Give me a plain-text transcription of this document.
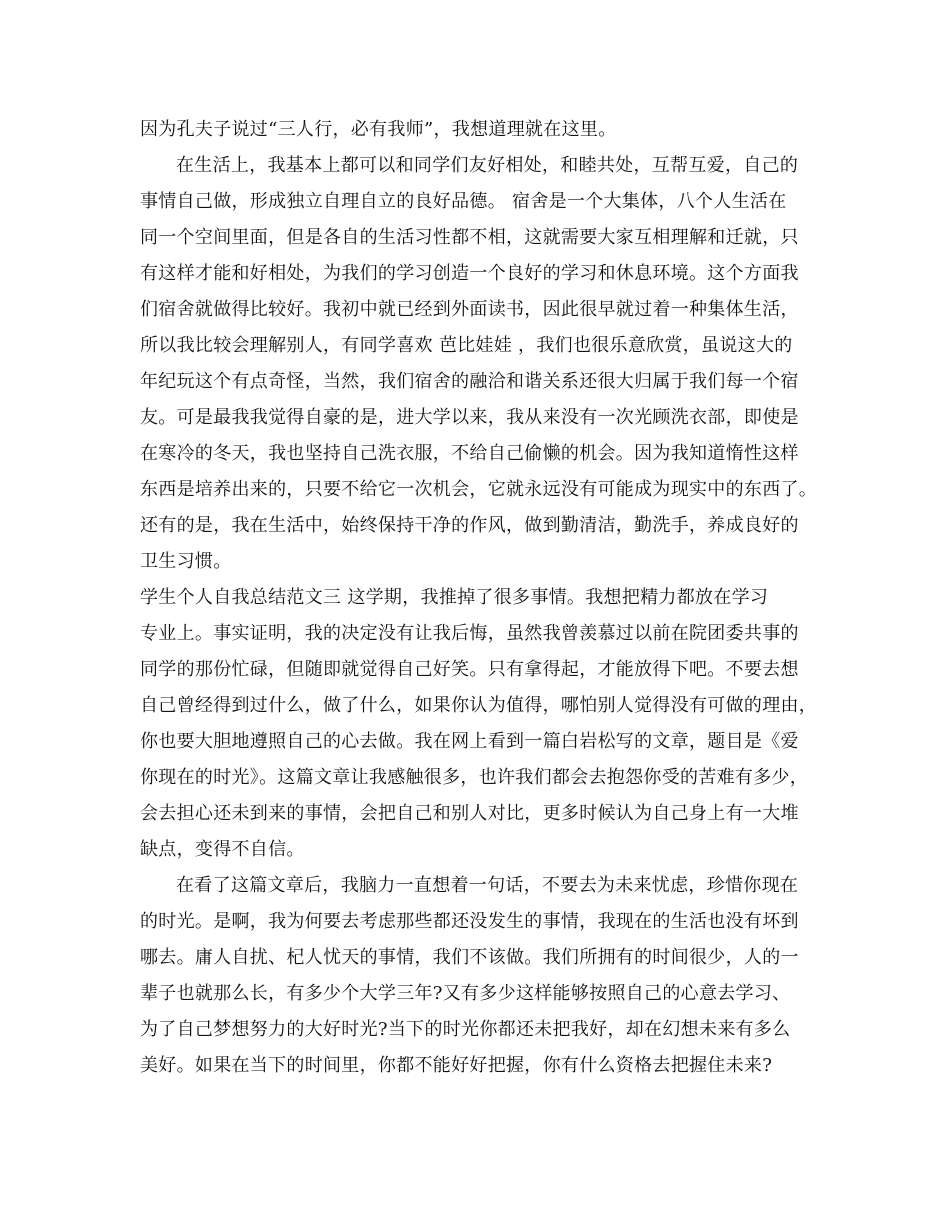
因为孔夫子说过“三人行，必有我师”，我想道理就在这里。
在生活上，我基本上都可以和同学们友好相处，和睦共处，互帮互爱，自己的
事情自己做，形成独立自理自立的良好品德。 宿舍是一个大集体，八个人生活在
同一个空间里面，但是各自的生活习性都不相，这就需要大家互相理解和迁就，只
有这样才能和好相处，为我们的学习创造一个良好的学习和休息环境。这个方面我
们宿舍就做得比较好。我初中就已经到外面读书，因此很早就过着一种集体生活，
所以我比较会理解别人，有同学喜欢 芭比娃娃 ，我们也很乐意欣赏，虽说这大的
年纪玩这个有点奇怪，当然，我们宿舍的融洽和谐关系还很大归属于我们每一个宿
友。可是最我我觉得自豪的是，进大学以来，我从来没有一次光顾洗衣部，即使是
在寒冷的冬天，我也坚持自己洗衣服，不给自己偷懒的机会。因为我知道惰性这样
东西是培养出来的，只要不给它一次机会，它就永远没有可能成为现实中的东西了。
还有的是，我在生活中，始终保持干净的作风，做到勤清洁，勤洗手，养成良好的
卫生习惯。
学生个人自我总结范文三 这学期，我推掉了很多事情。我想把精力都放在学习
专业上。事实证明，我的决定没有让我后悔，虽然我曾羡慕过以前在院团委共事的
同学的那份忙碌，但随即就觉得自己好笑。只有拿得起，才能放得下吧。不要去想
自己曾经得到过什么，做了什么，如果你认为值得，哪怕别人觉得没有可做的理由，
你也要大胆地遵照自己的心去做。我在网上看到一篇白岩松写的文章，题目是《爱
你现在的时光》。这篇文章让我感触很多，也许我们都会去抱怨你受的苦难有多少，
会去担心还未到来的事情，会把自己和别人对比，更多时候认为自己身上有一大堆
缺点，变得不自信。
在看了这篇文章后，我脑力一直想着一句话，不要去为未来忧虑，珍惜你现在
的时光。是啊，我为何要去考虑那些都还没发生的事情，我现在的生活也没有坏到
哪去。庸人自扰、杞人忧天的事情，我们不该做。我们所拥有的时间很少，人的一
辈子也就那么长，有多少个大学三年?又有多少这样能够按照自己的心意去学习、
为了自己梦想努力的大好时光?当下的时光你都还未把我好，却在幻想未来有多么
美好。如果在当下的时间里，你都不能好好把握，你有什么资格去把握住未来?
